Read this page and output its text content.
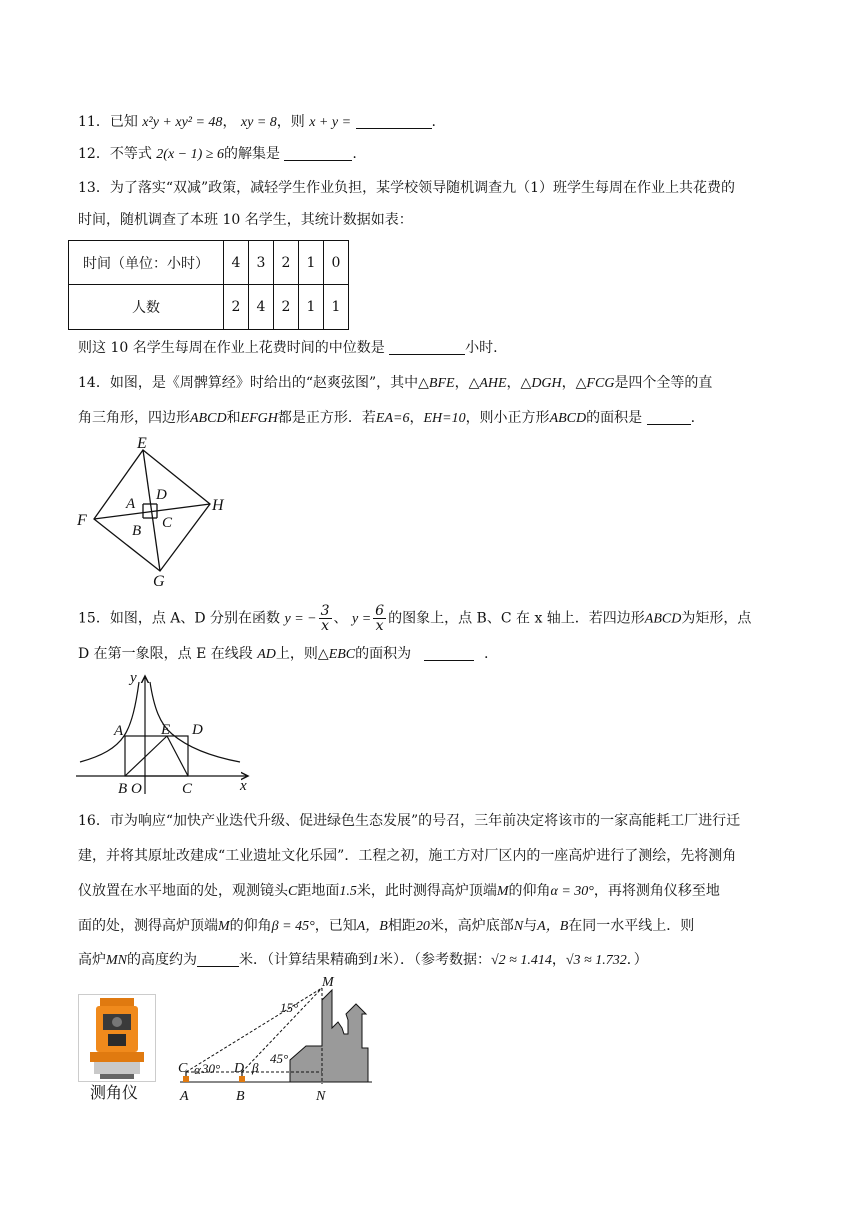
11．已知 x²y + xy² = 48， xy = 8，则 x + y =	.
12．不等式 2(x − 1) ≥ 6的解集是	.
13．为了落实“双减”政策，减轻学生作业负担，某学校领导随机调查九（1）班学生每周在作业上共花费的
时间，随机调查了本班 10 名学生，其统计数据如表：
时间（单位：小时）	4	3	2	1	0
人数	2	4	2	1	1
则这 10 名学生每周在作业上花费时间的中位数是	小时.
14．如图，是《周髀算经》时给出的“赵爽弦图”，其中△BFE，△AHE，△DGH，△FCG是四个全等的直
角三角形，四边形ABCD和EFGH都是正方形．若EA=6，EH=10，则小正方形ABCD的面积是	.
E
F
G
H
A
B C
D
15．如图，点 A、D 分别在函数 y = − $\frac{3}{x}$ 、 $y = \frac{6}{x}$ 的图象上，点 B、C 在 x 轴上．若四边形ABCD为矩形，点
D 在第一象限，点 E 在线段 AD上，则△EBC的面积为	.
y
x
A	E D
B O	C
16．市为响应“加快产业迭代升级、促进绿色生态发展”的号召，三年前决定将该市的一家高能耗工厂进行迁
建，并将其原址改建成“工业遗址文化乐园”．工程之初，施工方对厂区内的一座高炉进行了测绘，先将测角
仪放置在水平地面的处，观测镜头C距地面1.5米，此时测得高炉顶端M的仰角α = 30°，再将测角仪移至地
面的处，测得高炉顶端M的仰角β = 45°，已知A，B相距20米，高炉底部N与A，B在同一水平线上．则
高炉MN的高度约为	米．（计算结果精确到1米）．（参考数据：√2 ≈ 1.414，√3 ≈ 1.732．）
测角仪
M
15°
C α 30° D β
45°
A	B	N
